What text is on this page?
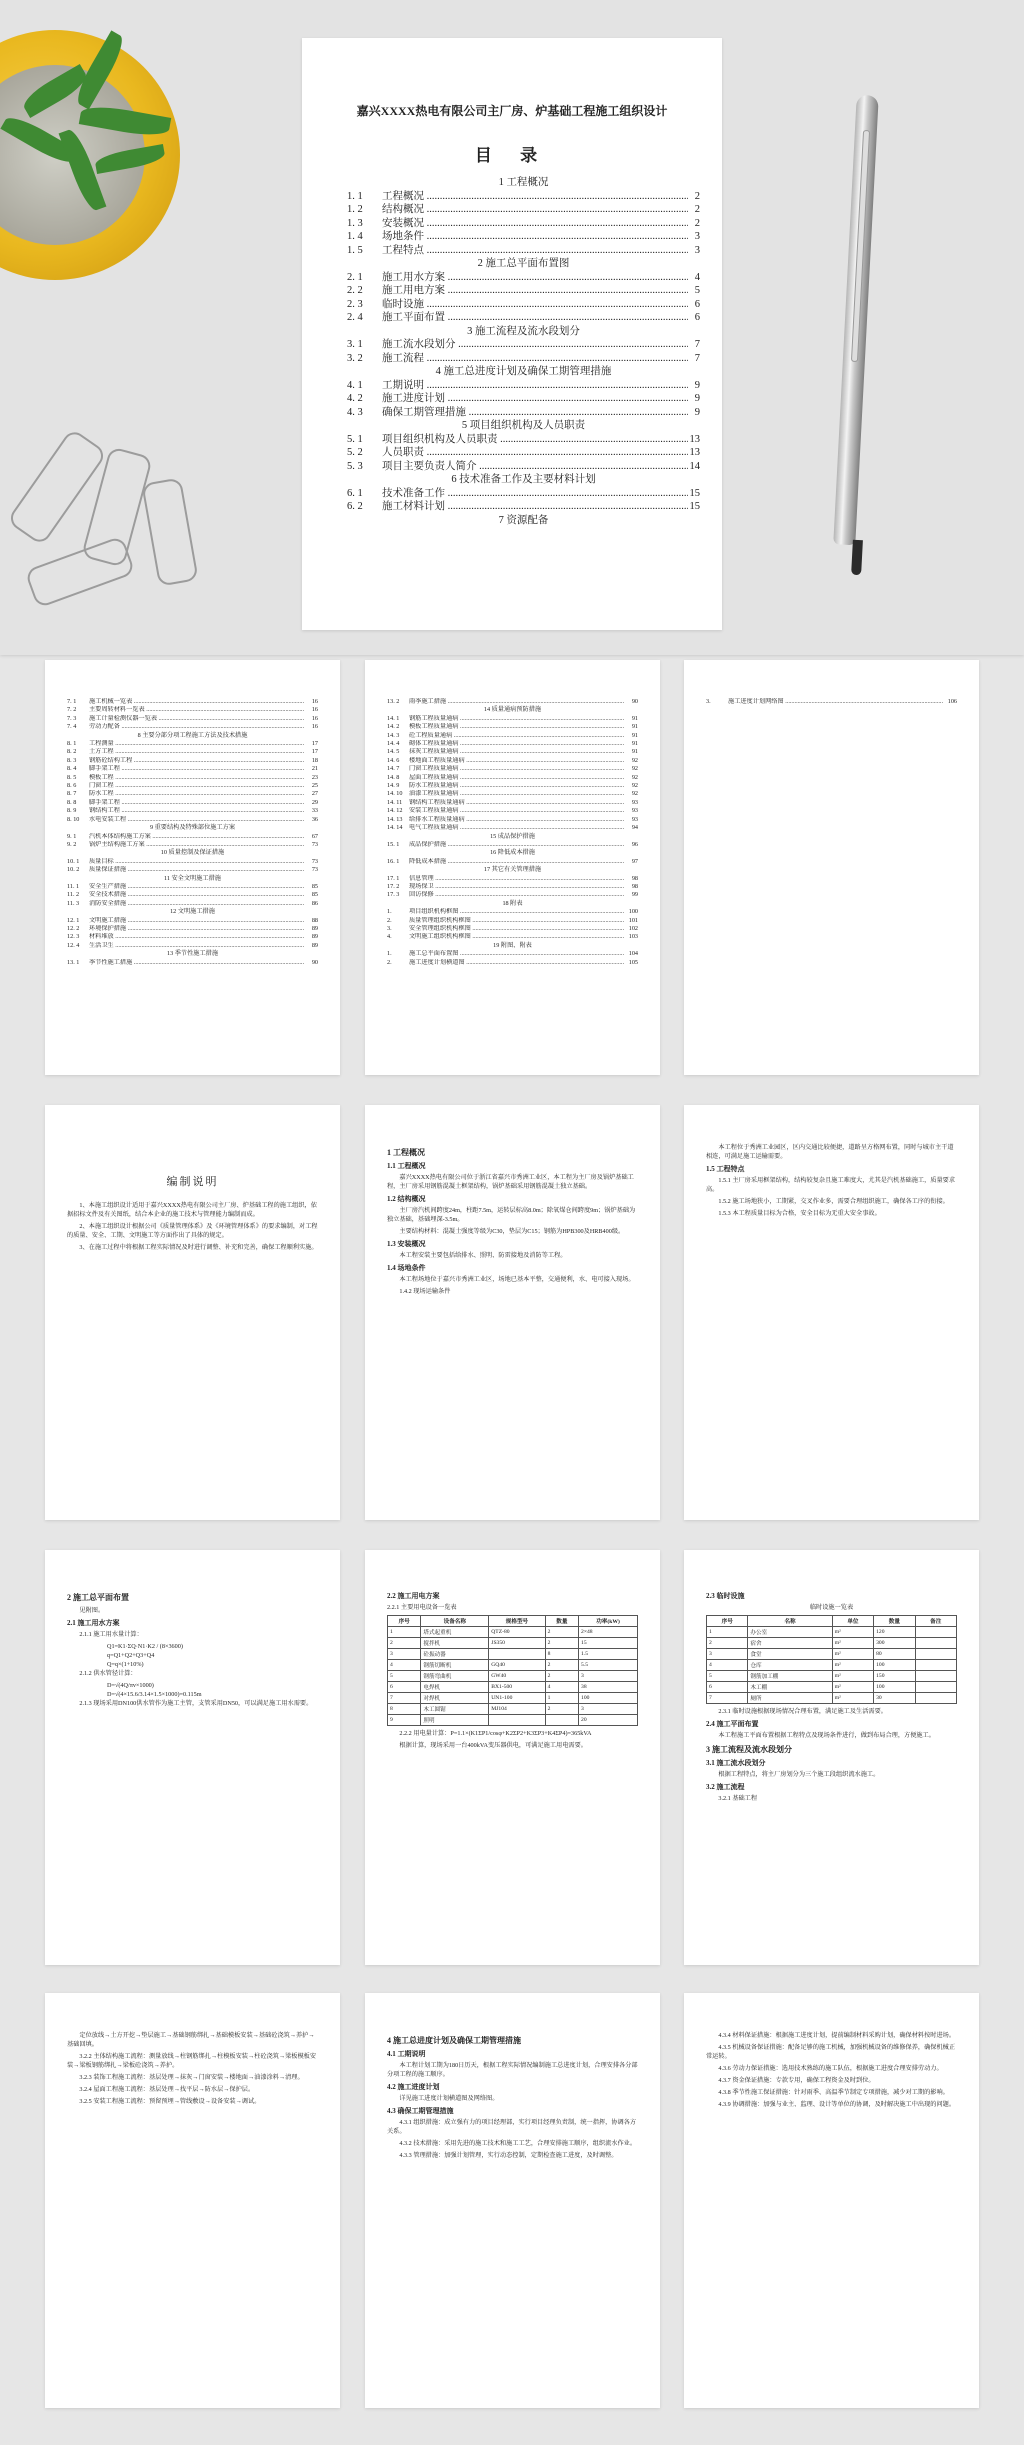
嘉兴XXXX热电有限公司主厂房、炉基础工程施工组织设计
目 录
1 工程概况
1. 1	工程概况 .....	2
1. 2	结构概况 .....	2
1. 3	安装概况 .....	2
1. 4	场地条件 .....	3
1. 5	工程特点 .....	3
2 施工总平面布置图
2. 1	施工用水方案 .....	4
2. 2	施工用电方案 .....	5
2. 3	临时设施 .....	6
2. 4	施工平面布置 .....	6
3 施工流程及流水段划分
3. 1	施工流水段划分 .....	7
3. 2	施工流程 .....	7
4 施工总进度计划及确保工期管理措施
4. 1	工期说明 .....	9
4. 2	施工进度计划 .....	9
4. 3	确保工期管理措施 .....	9
5 项目组织机构及人员职责
5. 1	项目组织机构及人员职责 .....	13
5. 2	人员职责 .....	13
5. 3	项目主要负责人简介 .....	14
6 技术准备工作及主要材料计划
6. 1	技术准备工作 .....	15
6. 2	施工材料计划 .....	15
7 资源配备
7. 1	施工机械一览表 .....	16
7. 2	主要周转材料一览表 .....	16
7. 3	施工计量检测仪器一览表 .....	16
7. 4	劳动力配备 .....	16
8 主要分部分项工程施工方法及技术措施
8. 1	工程测量 .....	17
8. 2	土方工程 .....	17
8. 3	钢筋砼结构工程 .....	18
8. 4	脚手架工程 .....	21
8. 5	模板工程 .....	23
8. 6	门窗工程 .....	25
8. 7	防水工程 .....	27
8. 8	脚手架工程 .....	29
8. 9	钢结构工程 .....	33
8. 10	水电安装工程 .....	36
9 重要结构及特殊部位施工方案
9. 1	汽机本体结构施工方案 .....	67
9. 2	锅炉主结构施工方案 .....	73
10 质量控制及保证措施
10. 1	质量目标 .....	73
10. 2	质量保证措施 .....	73
11 安全文明施工措施
11. 1	安全生产措施 .....	85
11. 2	安全技术措施 .....	85
11. 3	消防安全措施 .....	86
12 文明施工措施
12. 1	文明施工措施 .....	88
12. 2	环境保护措施 .....	89
12. 3	材料堆放 .....	89
12. 4	生活卫生 .....	89
13 季节性施工措施
13. 1	季节性施工措施 .....	90
13. 2	雨季施工措施 .....	90
14 质量通病预防措施
14. 1	钢筋工程质量通病 .....	91
14. 2	模板工程质量通病 .....	91
14. 3	砼工程质量通病 .....	91
14. 4	砌体工程质量通病 .....	91
14. 5	抹灰工程质量通病 .....	91
14. 6	楼地面工程质量通病 .....	92
14. 7	门窗工程质量通病 .....	92
14. 8	屋面工程质量通病 .....	92
14. 9	防水工程质量通病 .....	92
14. 10	油漆工程质量通病 .....	92
14. 11	钢结构工程质量通病 .....	93
14. 12	安装工程质量通病 .....	93
14. 13	给排水工程质量通病 .....	93
14. 14	电气工程质量通病 .....	94
15 成品保护措施
15. 1	成品保护措施 .....	96
16 降低成本措施
16. 1	降低成本措施 .....	97
17 其它有关管理措施
17. 1	信息管理 .....	98
17. 2	现场保卫 .....	98
17. 3	回访保修 .....	99
18 附表
1.	项目组织机构框图 .....	100
2.	质量管理组织机构框图 .....	101
3.	安全管理组织机构框图 .....	102
4.	文明施工组织机构框图 .....	103
19 附图、附表
1.	施工总平面布置图 .....	104
2.	施工进度计划横道图 .....	105
3.	施工进度计划网络图 .....	106
编制说明

1、本施工组织设计适用于嘉兴XXXX热电有限公司主厂房、炉基础工程的施工组织，依据招标文件及有关图纸，结合本企业的施工技术与管理能力编制而成。

2、本施工组织设计根据公司《质量管理体系》及《环境管理体系》的要求编制，对工程的质量、安全、工期、文明施工等方面作出了具体的规定。

3、在施工过程中将根据工程实际情况及时进行调整、补充和完善，确保工程顺利实施。

1 工程概况
1.1 工程概况

嘉兴XXXX热电有限公司位于浙江省嘉兴市秀洲工业区，本工程为主厂房及锅炉基础工程，主厂房采用钢筋混凝土框架结构，锅炉基础采用钢筋混凝土独立基础。

1.2 结构概况

主厂房汽机间跨度24m，柱距7.5m，运转层标高8.0m；除氧煤仓间跨度9m；锅炉基础为独立基础，基础埋深-3.5m。

主要结构材料：混凝土强度等级为C30，垫层为C15；钢筋为HPB300及HRB400级。

1.3 安装概况

本工程安装主要包括给排水、照明、防雷接地及消防等工程。

1.4 场地条件

本工程场地位于嘉兴市秀洲工业区，场地已基本平整，交通便利，水、电可接入现场。

1.4.2 现场运输条件

本工程位于秀洲工业园区，区内交通比较便捷，道路呈方格网布置，同时与城市主干道相连，可满足施工运输需要。

1.5 工程特点

1.5.1 主厂房采用框架结构，结构较复杂且施工难度大，尤其是汽机基础施工，质量要求高。

1.5.2 施工场地狭小，工期紧，交叉作业多，需要合理组织施工，确保各工序的衔接。

1.5.3 本工程质量目标为合格，安全目标为无重大安全事故。

2 施工总平面布置

见附图。

2.1 施工用水方案

2.1.1 施工用水量计算：

Q1=K1·ΣQ·N1·K2 / (8×3600)
q=Q1+Q2+Q3+Q4
Q=q×(1+10%)

2.1.2 供水管径计算：

D=√(4Q/πv×1000)
D=√(4×15.6/3.14×1.5×1000)=0.115m

2.1.3 现场采用DN100供水管作为施工主管，支管采用DN50，可以满足施工用水需要。

2.2 施工用电方案
2.2.1 主要用电设备一览表
序号	设备名称	规格型号	数量	功率(kW)
1	塔式起重机	QTZ-80	2	2×48
2	搅拌机	JS350	2	15
3	砼振动器		8	1.5
4	钢筋切断机	GQ40	2	5.5
5	钢筋弯曲机	GW40	2	3
6	电焊机	BX1-500	4	38
7	对焊机	UN1-100	1	100
8	木工圆锯	MJ104	2	3
9	照明			20

2.2.2 用电量计算：P=1.1×(K1ΣP1/cosφ+K2ΣP2+K3ΣP3+K4ΣP4)=365kVA

根据计算，现场采用一台400kVA变压器供电，可满足施工用电需要。

2.3 临时设施
临时设施一览表
序号	名称	单位	数量	备注
1	办公室	m²	120	
2	宿舍	m²	300	
3	食堂	m²	80	
4	仓库	m²	100	
5	钢筋加工棚	m²	150	
6	木工棚	m²	100	
7	厕所	m²	30	

2.3.1 临时设施根据现场情况合理布置，满足施工及生活需要。

2.4 施工平面布置

本工程施工平面布置根据工程特点及现场条件进行，做到布局合理，方便施工。

3 施工流程及流水段划分
3.1 施工流水段划分

根据工程特点，将主厂房划分为三个施工段组织流水施工。

3.2 施工流程

3.2.1 基础工程

定位放线→土方开挖→垫层施工→基础钢筋绑扎→基础模板安装→基础砼浇筑→养护→基础回填。

3.2.2 主体结构施工流程：测量放线→柱钢筋绑扎→柱模板安装→柱砼浇筑→梁板模板安装→梁板钢筋绑扎→梁板砼浇筑→养护。

3.2.3 装饰工程施工流程：基层处理→抹灰→门窗安装→楼地面→油漆涂料→清理。

3.2.4 屋面工程施工流程：基层处理→找平层→防水层→保护层。

3.2.5 安装工程施工流程：预留预埋→管线敷设→设备安装→调试。

4 施工总进度计划及确保工期管理措施
4.1 工期说明

本工程计划工期为180日历天，根据工程实际情况编制施工总进度计划，合理安排各分部分项工程的施工顺序。

4.2 施工进度计划

详见施工进度计划横道图及网络图。

4.3 确保工期管理措施

4.3.1 组织措施：成立强有力的项目经理部，实行项目经理负责制，统一指挥，协调各方关系。

4.3.2 技术措施：采用先进的施工技术和施工工艺，合理安排施工顺序，组织流水作业。

4.3.3 管理措施：加强计划管理，实行动态控制，定期检查施工进度，及时调整。

4.3.4 材料保证措施：根据施工进度计划，提前编制材料采购计划，确保材料按时进场。

4.3.5 机械设备保证措施：配备足够的施工机械，加强机械设备的维修保养，确保机械正常运转。

4.3.6 劳动力保证措施：选用技术熟练的施工队伍，根据施工进度合理安排劳动力。

4.3.7 资金保证措施：专款专用，确保工程资金及时到位。

4.3.8 季节性施工保证措施：针对雨季、高温季节制定专项措施，减少对工期的影响。

4.3.9 协调措施：加强与业主、监理、设计等单位的协调，及时解决施工中出现的问题。
